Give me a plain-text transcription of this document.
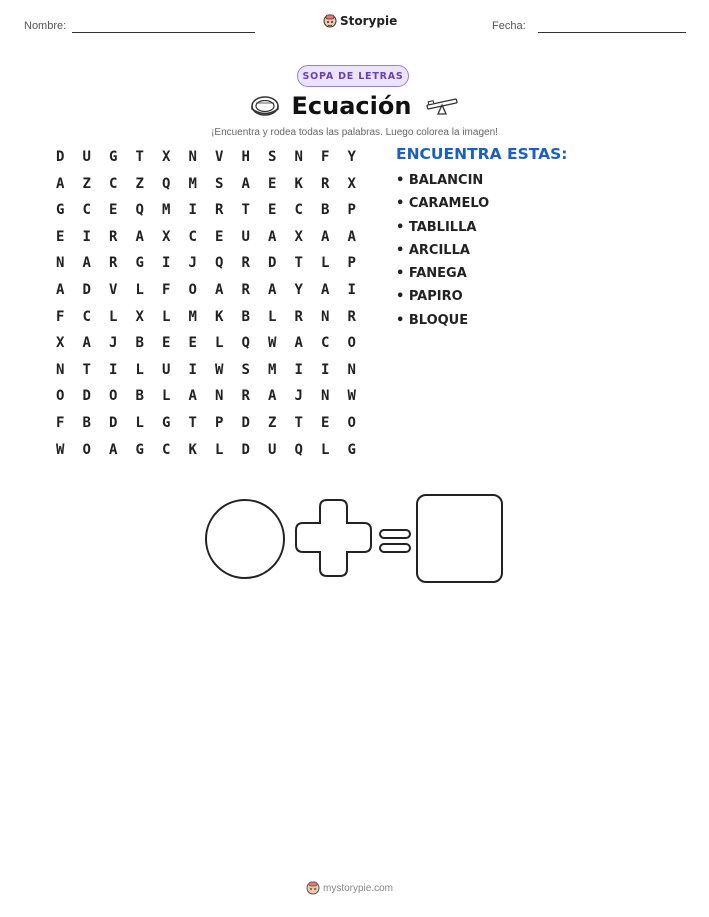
Nombre:	Storypie	Fecha:
SOPA DE LETRAS
Ecuación
¡Encuentra y rodea todas las palabras. Luego colorea la imagen!
D	U	G	T	X	N	V	H	S	N	F	Y
A	Z	C	Z	Q	M	S	A	E	K	R	X
G	C	E	Q	M	I	R	T	E	C	B	P
E	I	R	A	X	C	E	U	A	X	A	A
N	A	R	G	I	J	Q	R	D	T	L	P
A	D	V	L	F	O	A	R	A	Y	A	I
F	C	L	X	L	M	K	B	L	R	N	R
X	A	J	B	E	E	L	Q	W	A	C	O
N	T	I	L	U	I	W	S	M	I	I	N
O	D	O	B	L	A	N	R	A	J	N	W
F	B	D	L	G	T	P	D	Z	T	E	O
W	O	A	G	C	K	L	D	U	Q	L	G
ENCUENTRA ESTAS:
• BALANCIN
• CARAMELO
• TABLILLA
• ARCILLA
• FANEGA
• PAPIRO
• BLOQUE
mystorypie.com
